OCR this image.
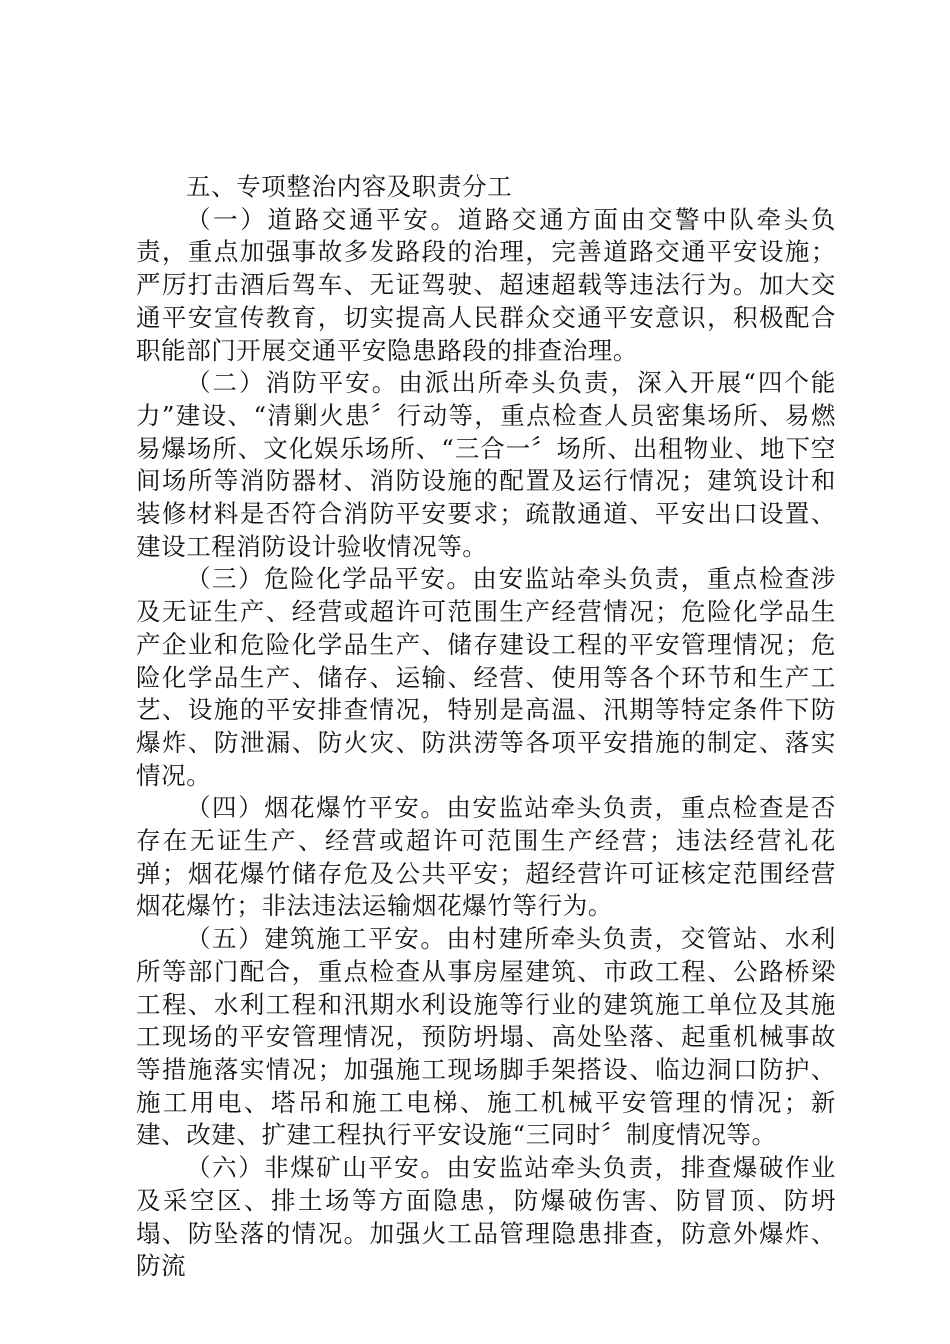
五、专项整治内容及职责分工

（一）道路交通平安。道路交通方面由交警中队牵头负责，重点加强事故多发路段的治理，完善道路交通平安设施；严厉打击酒后驾车、无证驾驶、超速超载等违法行为。加大交通平安宣传教育，切实提高人民群众交通平安意识，积极配合职能部门开展交通平安隐患路段的排查治理。

（二）消防平安。由派出所牵头负责，深入开展“四个能力”建设、“清剿火患〞行动等，重点检查人员密集场所、易燃易爆场所、文化娱乐场所、“三合一〞场所、出租物业、地下空间场所等消防器材、消防设施的配置及运行情况；建筑设计和装修材料是否符合消防平安要求；疏散通道、平安出口设置、建设工程消防设计验收情况等。

（三）危险化学品平安。由安监站牵头负责，重点检查涉及无证生产、经营或超许可范围生产经营情况；危险化学品生产企业和危险化学品生产、储存建设工程的平安管理情况；危险化学品生产、储存、运输、经营、使用等各个环节和生产工艺、设施的平安排查情况，特别是高温、汛期等特定条件下防爆炸、防泄漏、防火灾、防洪涝等各项平安措施的制定、落实情况。

（四）烟花爆竹平安。由安监站牵头负责，重点检查是否存在无证生产、经营或超许可范围生产经营；违法经营礼花弹；烟花爆竹储存危及公共平安；超经营许可证核定范围经营烟花爆竹；非法违法运输烟花爆竹等行为。

（五）建筑施工平安。由村建所牵头负责，交管站、水利所等部门配合，重点检查从事房屋建筑、市政工程、公路桥梁工程、水利工程和汛期水利设施等行业的建筑施工单位及其施工现场的平安管理情况，预防坍塌、高处坠落、起重机械事故等措施落实情况；加强施工现场脚手架搭设、临边洞口防护、施工用电、塔吊和施工电梯、施工机械平安管理的情况；新建、改建、扩建工程执行平安设施“三同时〞制度情况等。

（六）非煤矿山平安。由安监站牵头负责，排查爆破作业及采空区、排土场等方面隐患，防爆破伤害、防冒顶、防坍塌、防坠落的情况。加强火工品管理隐患排查，防意外爆炸、防流
